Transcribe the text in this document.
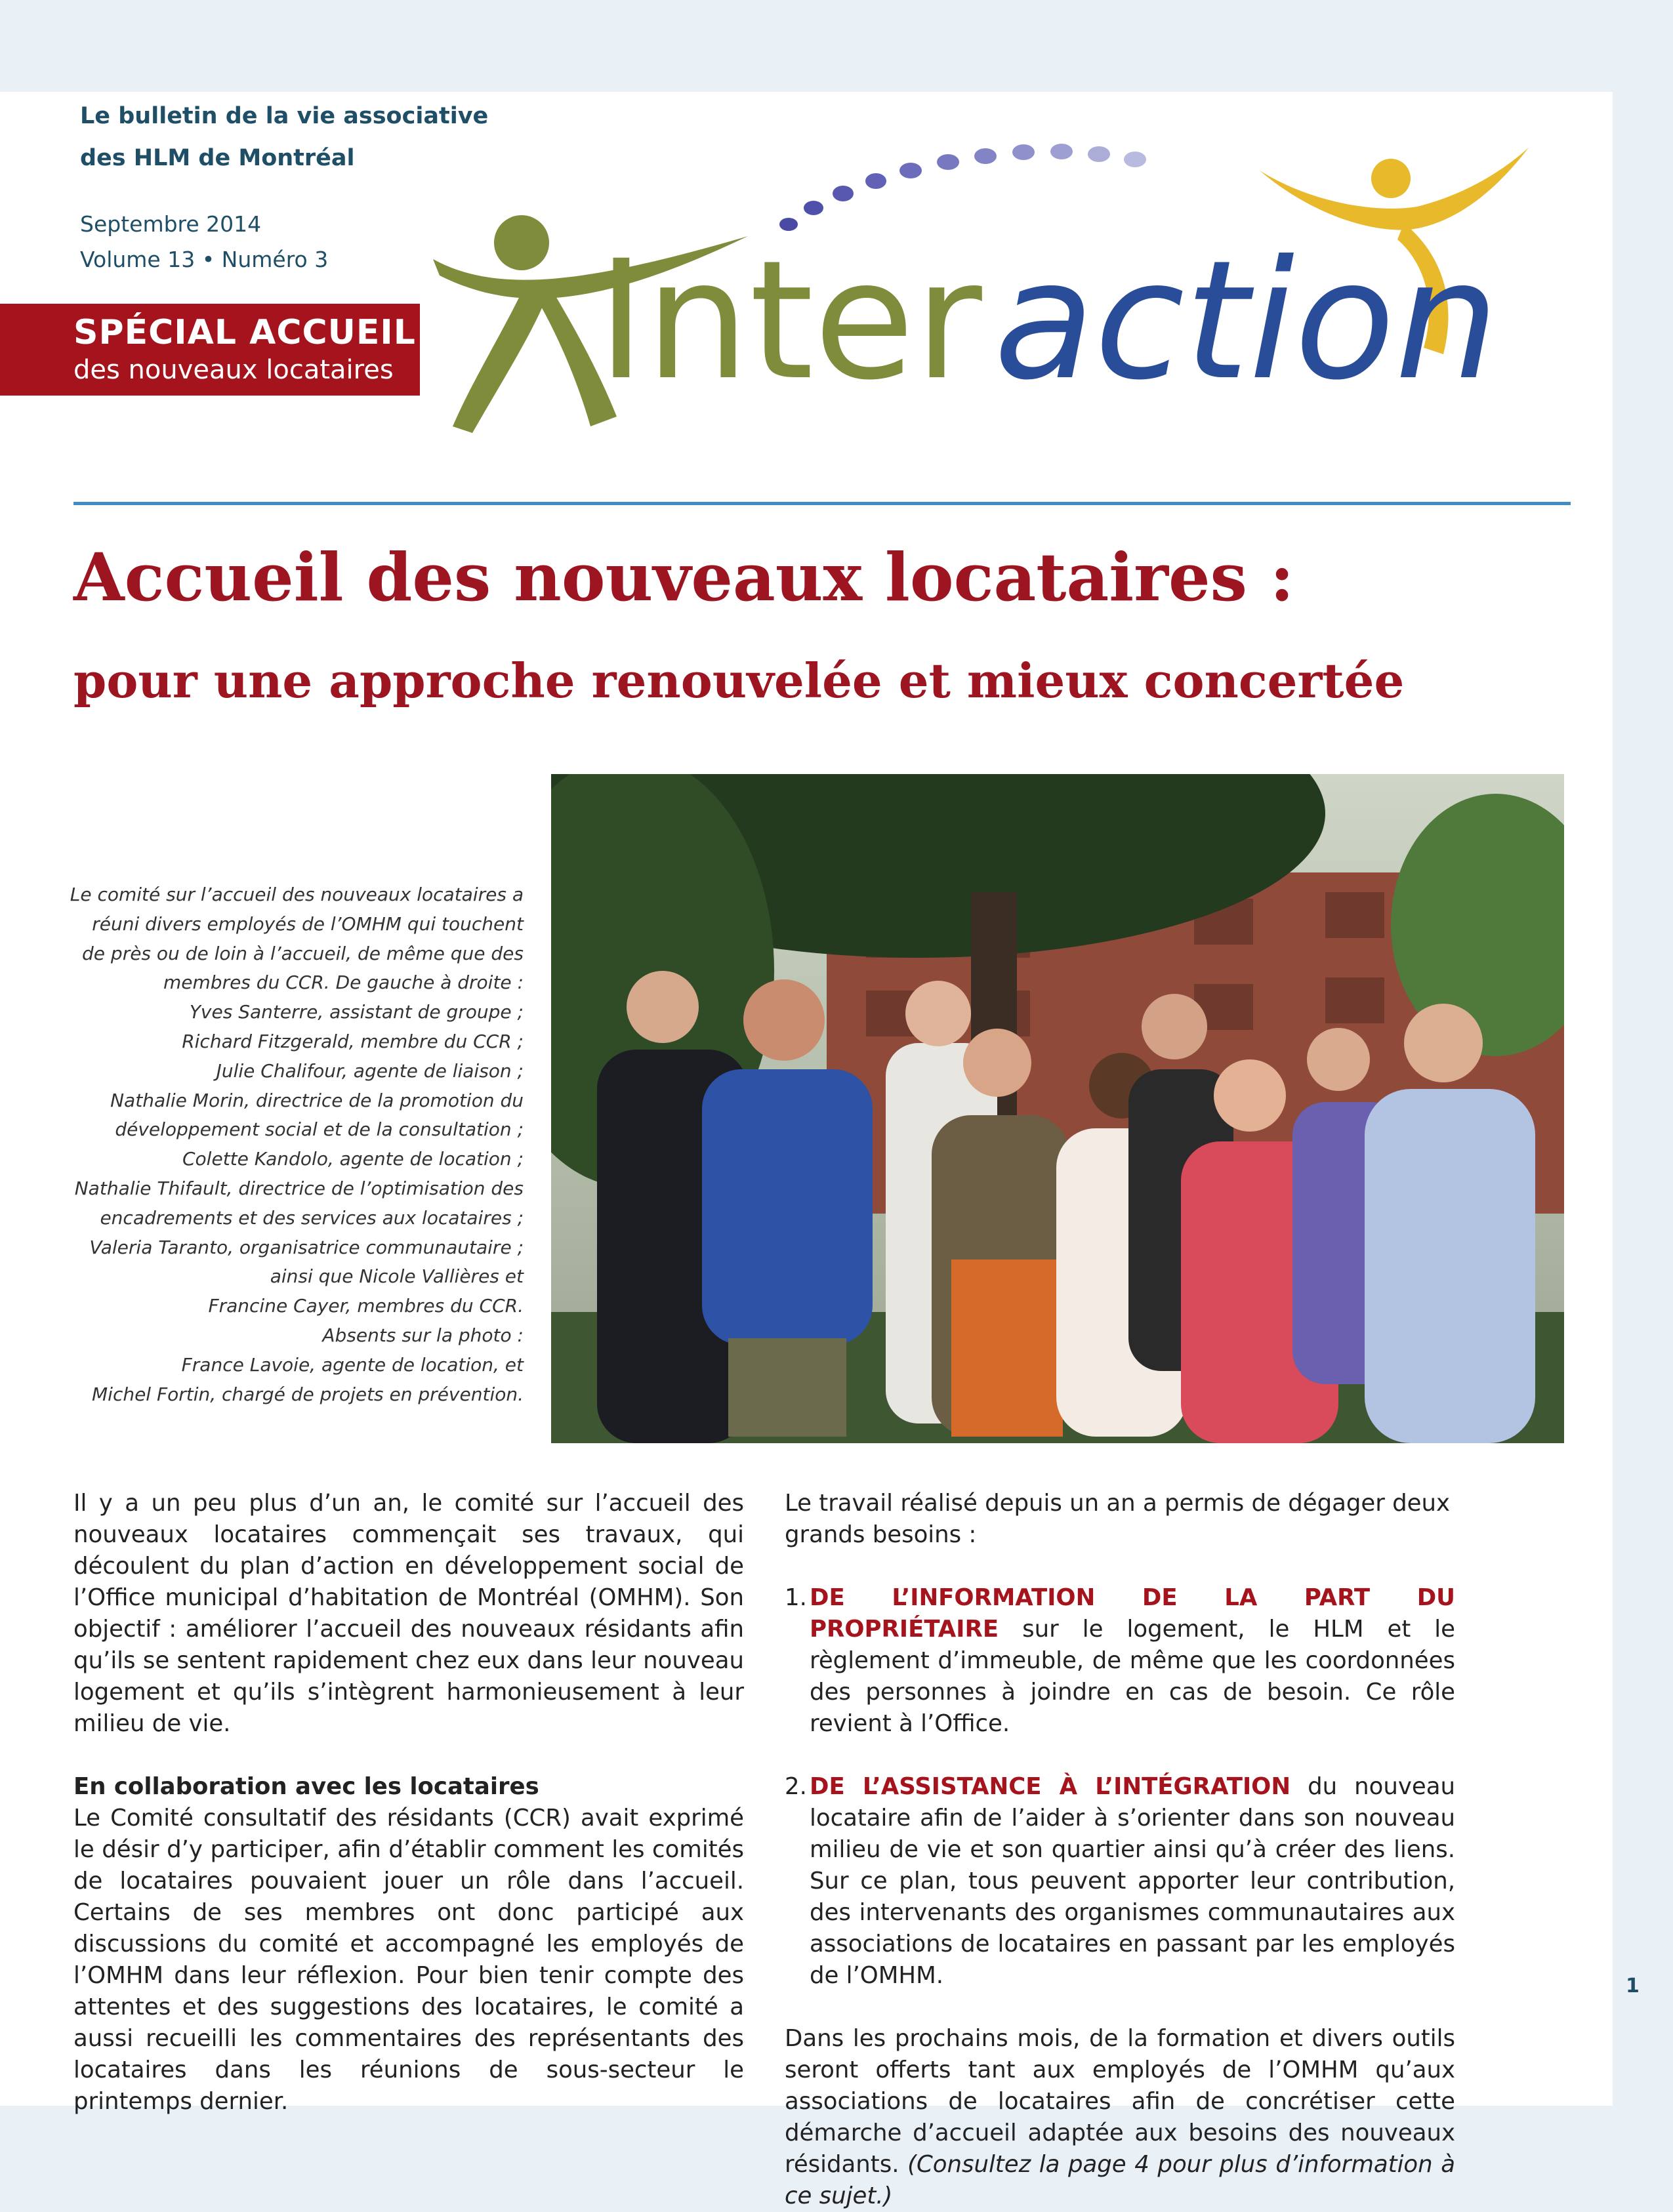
Le bulletin de la vie associative
des HLM de Montréal
Septembre 2014
Volume 13 • Numéro 3
SPÉCIAL ACCUEIL
des nouveaux locataires Inter action
Accueil des nouveaux locataires :
pour une approche renouvelée et mieux concertée
Le comité sur l’accueil des nouveaux locataires a
réuni divers employés de l’OMHM qui touchent
de près ou de loin à l’accueil, de même que des
membres du CCR. De gauche à droite :
Yves Santerre, assistant de groupe ;
Richard Fitzgerald, membre du CCR ;
Julie Chalifour, agente de liaison ;
Nathalie Morin, directrice de la promotion du
développement social et de la consultation ;
Colette Kandolo, agente de location ;
Nathalie Thifault, directrice de l’optimisation des
encadrements et des services aux locataires ;
Valeria Taranto, organisatrice communautaire ;
ainsi que Nicole Vallières et
Francine Cayer, membres du CCR.
Absents sur la photo :
France Lavoie, agente de location, et
Michel Fortin, chargé de projets en prévention.

Il y a un peu plus d’un an, le comité sur l’accueil des nouveaux locataires commençait ses travaux, qui découlent du plan d’action en développement social de l’Office municipal d’habitation de Montréal (OMHM). Son objectif : améliorer l’accueil des nouveaux résidants afin qu’ils se sentent rapidement chez eux dans leur nouveau logement et qu’ils s’intègrent harmonieusement à leur milieu de vie.

En collaboration avec les locataires

Le Comité consultatif des résidants (CCR) avait exprimé le désir d’y participer, afin d’établir comment les comités de locataires pouvaient jouer un rôle dans l’accueil. Certains de ses membres ont donc participé aux discussions du comité et accompagné les employés de l’OMHM dans leur réflexion. Pour bien tenir compte des attentes et des suggestions des locataires, le comité a aussi recueilli les commentaires des représentants des locataires dans les réunions de sous-secteur le printemps dernier.

Le travail réalisé depuis un an a permis de dégager deux grands besoins :

1. DE L’INFORMATION DE LA PART DU PROPRIÉTAIRE sur le logement, le HLM et le règlement d’immeuble, de même que les coordonnées des personnes à joindre en cas de besoin. Ce rôle revient à l’Office.
2. DE L’ASSISTANCE À L’INTÉGRATION du nouveau locataire afin de l’aider à s’orienter dans son nouveau milieu de vie et son quartier ainsi qu’à créer des liens. Sur ce plan, tous peuvent apporter leur contribution, des intervenants des organismes communautaires aux associations de locataires en passant par les employés de l’OMHM.

Dans les prochains mois, de la formation et divers outils seront offerts tant aux employés de l’OMHM qu’aux associations de locataires afin de concrétiser cette démarche d’accueil adaptée aux besoins des nouveaux résidants. (Consultez la page 4 pour plus d’information à ce sujet.)

1
